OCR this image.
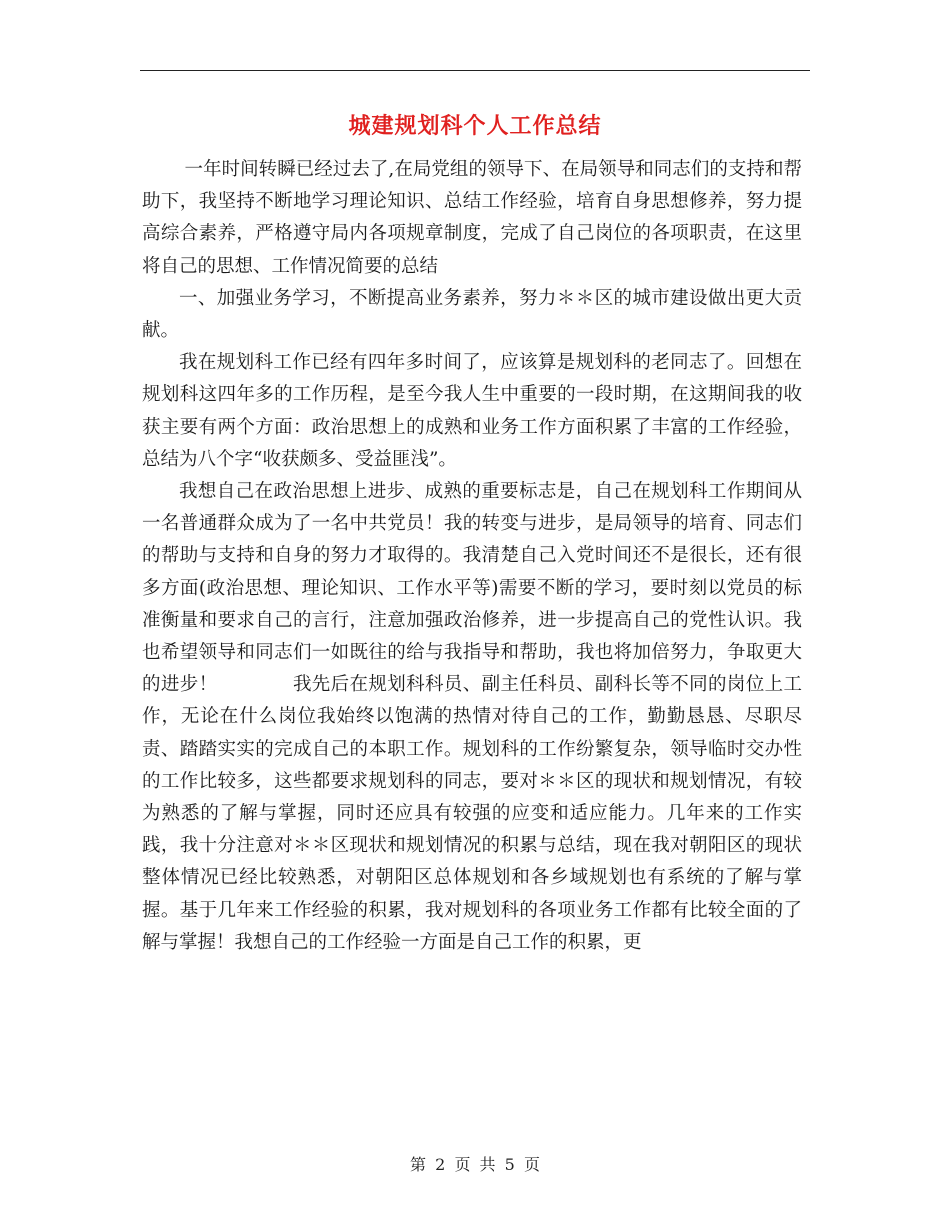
城建规划科个人工作总结

一年时间转瞬已经过去了,在局党组的领导下、在局领导和同志们的支持和帮助下，我坚持不断地学习理论知识、总结工作经验，培育自身思想修养，努力提高综合素养，严格遵守局内各项规章制度，完成了自己岗位的各项职责，在这里将自己的思想、工作情况简要的总结

一、加强业务学习，不断提高业务素养，努力＊＊区的城市建设做出更大贡献。

我在规划科工作已经有四年多时间了，应该算是规划科的老同志了。回想在规划科这四年多的工作历程，是至今我人生中重要的一段时期，在这期间我的收获主要有两个方面：政治思想上的成熟和业务工作方面积累了丰富的工作经验，总结为八个字“收获颇多、受益匪浅”。

我想自己在政治思想上进步、成熟的重要标志是，自己在规划科工作期间从一名普通群众成为了一名中共党员！我的转变与进步，是局领导的培育、同志们的帮助与支持和自身的努力才取得的。我清楚自己入党时间还不是很长，还有很多方面(政治思想、理论知识、工作水平等)需要不断的学习，要时刻以党员的标准衡量和要求自己的言行，注意加强政治修养，进一步提高自己的党性认识。我也希望领导和同志们一如既往的给与我指导和帮助，我也将加倍努力，争取更大的进步！　　　　我先后在规划科科员、副主任科员、副科长等不同的岗位上工作，无论在什么岗位我始终以饱满的热情对待自己的工作，勤勤恳恳、尽职尽责、踏踏实实的完成自己的本职工作。规划科的工作纷繁复杂，领导临时交办性的工作比较多，这些都要求规划科的同志，要对＊＊区的现状和规划情况，有较为熟悉的了解与掌握，同时还应具有较强的应变和适应能力。几年来的工作实践，我十分注意对＊＊区现状和规划情况的积累与总结，现在我对朝阳区的现状整体情况已经比较熟悉，对朝阳区总体规划和各乡域规划也有系统的了解与掌握。基于几年来工作经验的积累，我对规划科的各项业务工作都有比较全面的了解与掌握！我想自己的工作经验一方面是自己工作的积累，更

第 2 页 共 5 页
